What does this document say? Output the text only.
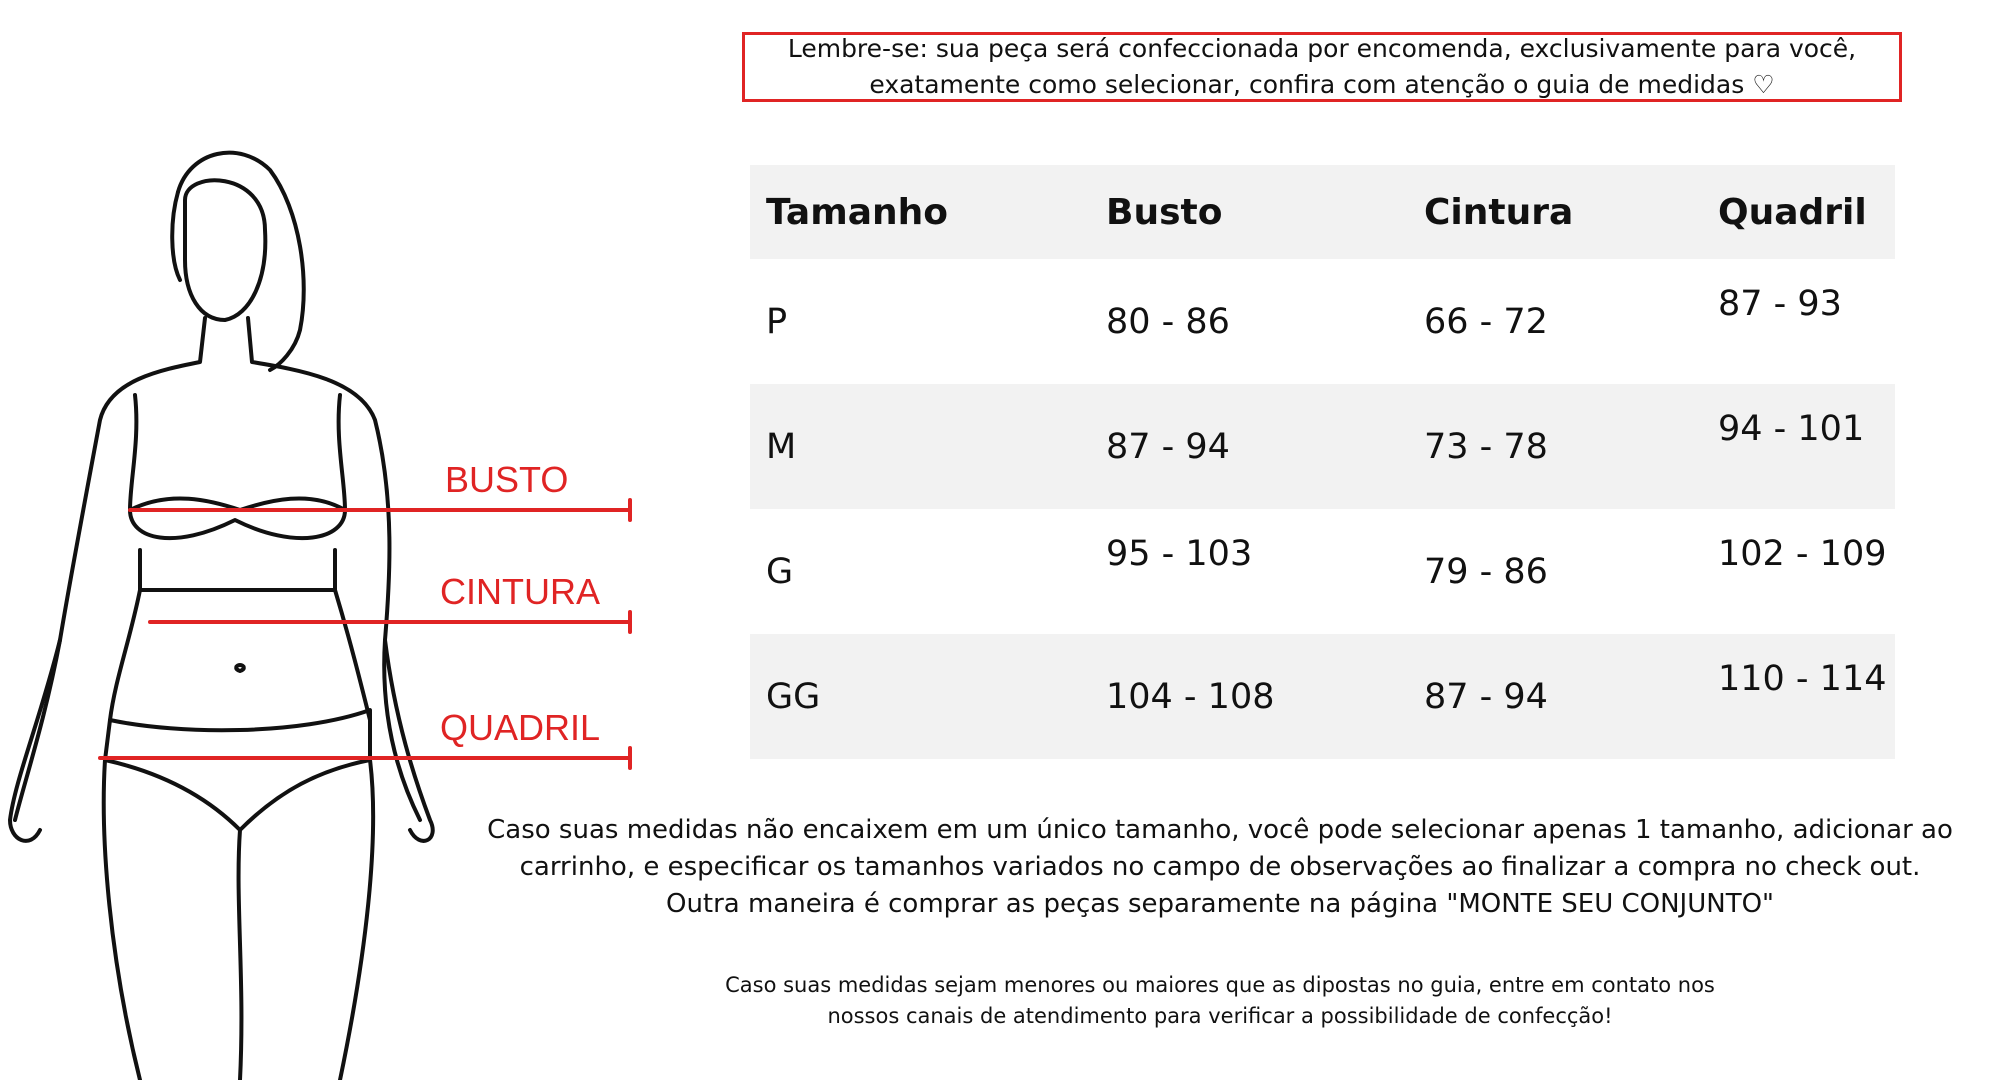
BUSTO
CINTURA
QUADRIL
Lembre-se: sua peça será confeccionada por encomenda, exclusivamente para você,
exatamente como selecionar, confira com atenção o guia de medidas ♡
Tamanho	Busto	Cintura	Quadril
P	80 - 86	66 - 72	87 - 93
M	87 - 94	73 - 78	94 - 101
G	95 - 103	79 - 86	102 - 109
GG	104 - 108	87 - 94	110 - 114
Caso suas medidas não encaixem em um único tamanho, você pode selecionar apenas 1 tamanho, adicionar ao
carrinho, e especificar os tamanhos variados no campo de observações ao finalizar a compra no check out.
Outra maneira é comprar as peças separamente na página "MONTE SEU CONJUNTO"
Caso suas medidas sejam menores ou maiores que as dipostas no guia, entre em contato nos
nossos canais de atendimento para verificar a possibilidade de confecção!
